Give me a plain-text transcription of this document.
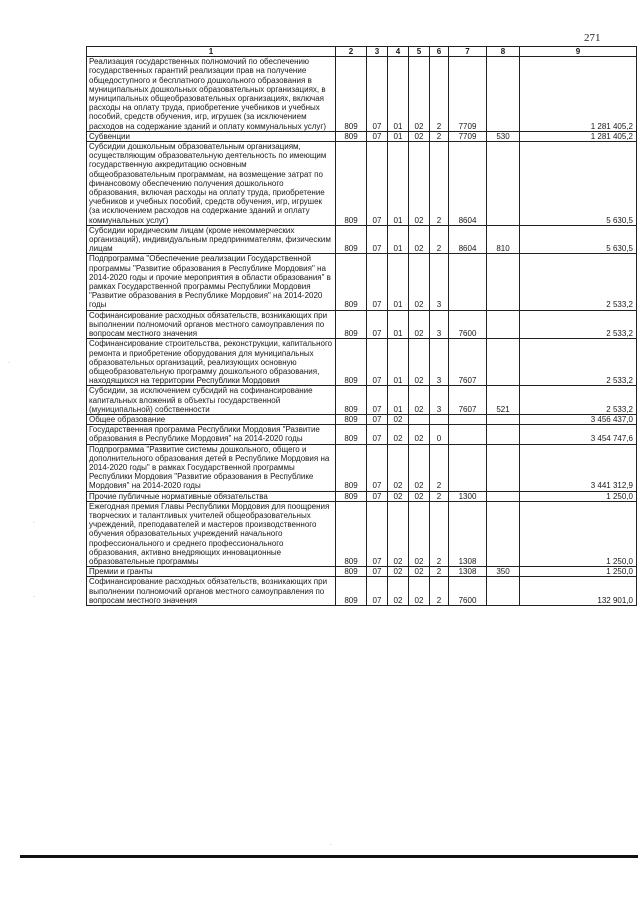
271
1	2	3	4	5	6	7	8	9
Реализация государственных полномочий по обеспечению государственных гарантий реализации прав на получение общедоступного и бесплатного дошкольного образования в муниципальных дошкольных образовательных организациях, в муниципальных общеобразовательных организациях, включая расходы на оплату труда, приобретение учебников и учебных пособий, средств обучения, игр, игрушек (за исключением расходов на содержание зданий и оплату коммунальных услуг)	809	07	01	02	2	7709		1 281 405,2
Субвенции	809	07	01	02	2	7709	530	1 281 405,2
Субсидии дошкольным образовательным организациям, осуществляющим образовательную деятельность по имеющим государственную аккредитацию основным общеобразовательным программам, на возмещение затрат по финансовому обеспечению получения дошкольного образования, включая расходы на оплату труда, приобретение учебников и учебных пособий, средств обучения, игр, игрушек (за исключением расходов на содержание зданий и оплату коммунальных услуг)	809	07	01	02	2	8604		5 630,5
Субсидии юридическим лицам (кроме некоммерческих организаций), индивидуальным предпринимателям, физическим лицам	809	07	01	02	2	8604	810	5 630,5
Подпрограмма "Обеспечение реализации Государственной программы "Развитие образования в Республике Мордовия" на 2014-2020 годы и прочие мероприятия в области образования" в рамках Государственной программы Республики Мордовия "Развитие образования в Республике Мордовия" на 2014-2020 годы	809	07	01	02	3			2 533,2
Софинансирование расходных обязательств, возникающих при выполнении полномочий органов местного самоуправления по вопросам местного значения	809	07	01	02	3	7600		2 533,2
Софинансирование строительства, реконструкции, капитального ремонта и приобретение оборудования для муниципальных образовательных организаций, реализующих основную общеобразовательную программу дошкольного образования, находящихся на территории Республики Мордовия	809	07	01	02	3	7607		2 533,2
Субсидии, за исключением субсидий на софинансирование капитальных вложений в объекты государственной (муниципальной) собственности	809	07	01	02	3	7607	521	2 533,2
Общее образование	809	07	02					3 456 437,0
Государственная программа Республики Мордовия "Развитие образования в Республике Мордовия" на 2014-2020 годы	809	07	02	02	0			3 454 747,6
Подпрограмма "Развитие системы дошкольного, общего и дополнительного образования детей в Республике Мордовия на 2014-2020 годы" в рамках Государственной программы Республики Мордовия "Развитие образования в Республике Мордовия" на 2014-2020 годы	809	07	02	02	2			3 441 312,9
Прочие публичные нормативные обязательства	809	07	02	02	2	1300		1 250,0
Ежегодная премия Главы Республики Мордовия для поощрения творческих и талантливых учителей общеобразовательных учреждений, преподавателей и мастеров производственного обучения образовательных учреждений начального профессионального и среднего профессионального образования, активно внедряющих инновационные образовательные программы	809	07	02	02	2	1308		1 250,0
Премии и гранты	809	07	02	02	2	1308	350	1 250,0
Софинансирование расходных обязательств, возникающих при выполнении полномочий органов местного самоуправления по вопросам местного значения	809	07	02	02	2	7600		132 901,0
·
·
·
·
